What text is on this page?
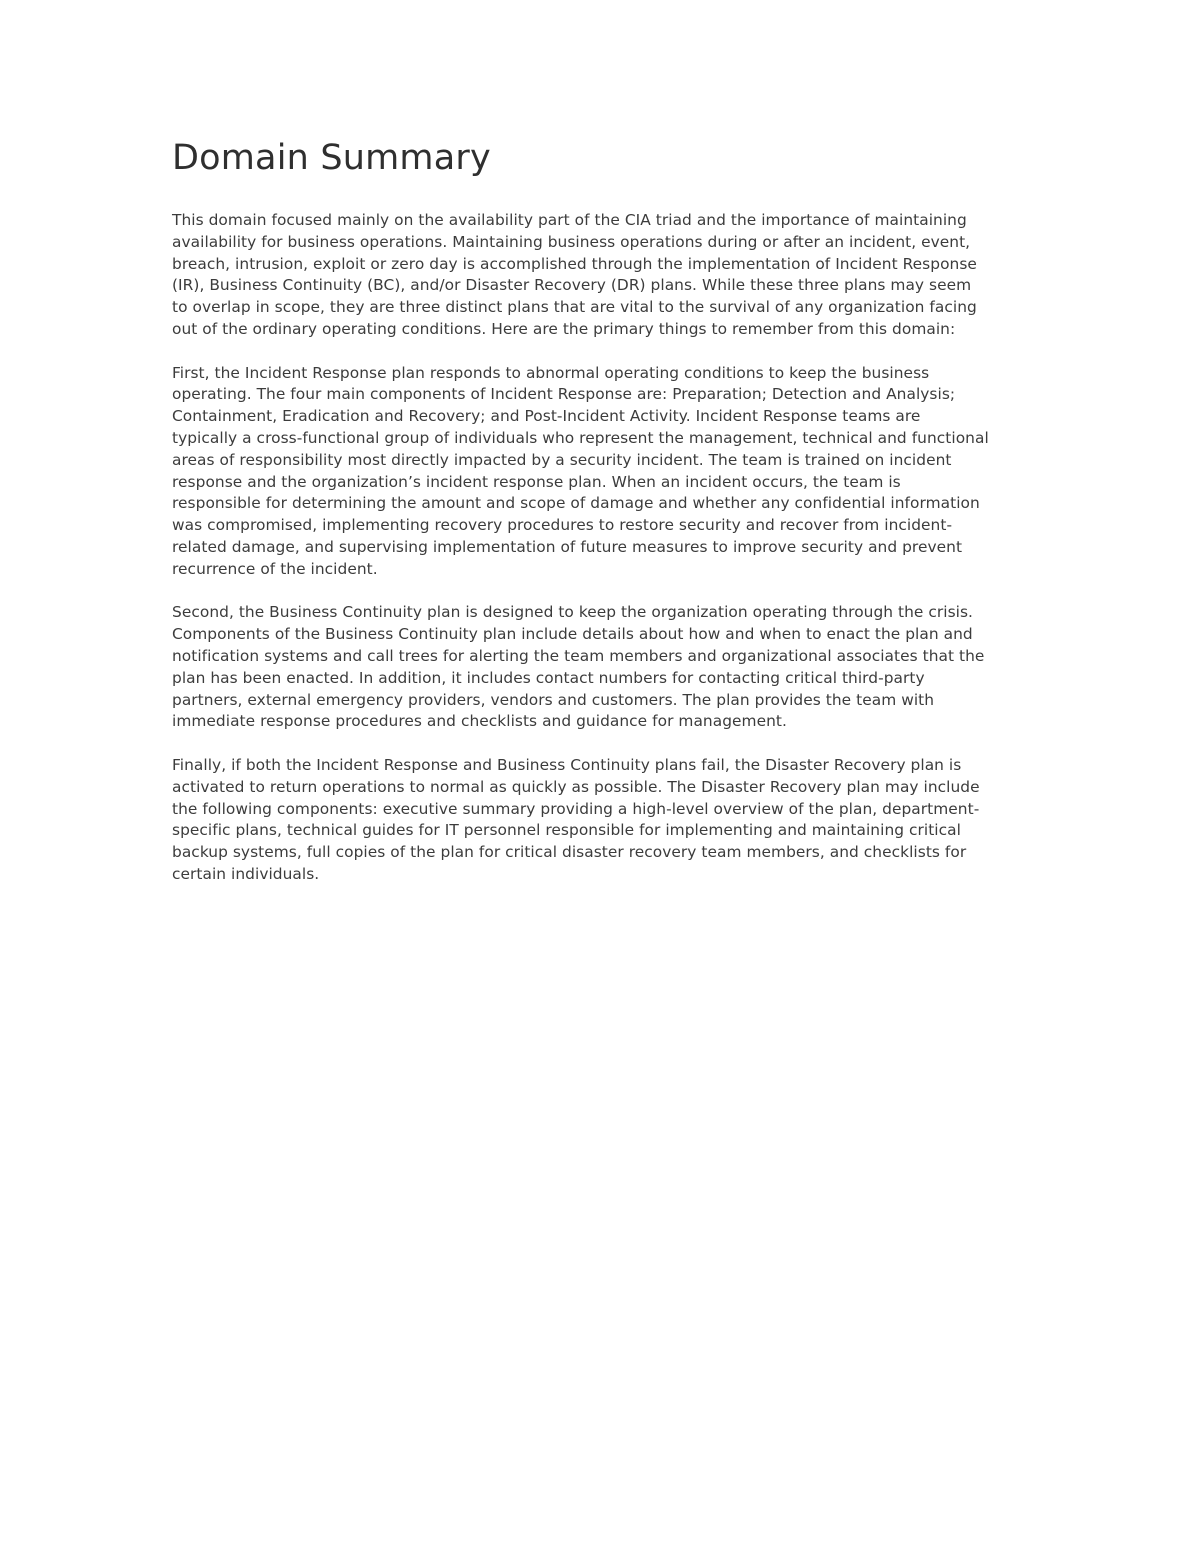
Domain Summary

This domain focused mainly on the availability part of the CIA triad and the importance of maintaining availability for business operations. Maintaining business operations during or after an incident, event, breach, intrusion, exploit or zero day is accomplished through the implementation of Incident Response (IR), Business Continuity (BC), and/or Disaster Recovery (DR) plans. While these three plans may seem to overlap in scope, they are three distinct plans that are vital to the survival of any organization facing out of the ordinary operating conditions. Here are the primary things to remember from this domain:

First, the Incident Response plan responds to abnormal operating conditions to keep the business operating. The four main components of Incident Response are: Preparation; Detection and Analysis; Containment, Eradication and Recovery; and Post-Incident Activity. Incident Response teams are typically a cross-functional group of individuals who represent the management, technical and functional areas of responsibility most directly impacted by a security incident. The team is trained on incident response and the organization’s incident response plan. When an incident occurs, the team is responsible for determining the amount and scope of damage and whether any confidential information was compromised, implementing recovery procedures to restore security and recover from incident-related damage, and supervising implementation of future measures to improve security and prevent recurrence of the incident.

Second, the Business Continuity plan is designed to keep the organization operating through the crisis. Components of the Business Continuity plan include details about how and when to enact the plan and notification systems and call trees for alerting the team members and organizational associates that the plan has been enacted. In addition, it includes contact numbers for contacting critical third-party partners, external emergency providers, vendors and customers. The plan provides the team with immediate response procedures and checklists and guidance for management.

Finally, if both the Incident Response and Business Continuity plans fail, the Disaster Recovery plan is activated to return operations to normal as quickly as possible. The Disaster Recovery plan may include the following components: executive summary providing a high-level overview of the plan, department-specific plans, technical guides for IT personnel responsible for implementing and maintaining critical backup systems, full copies of the plan for critical disaster recovery team members, and checklists for certain individuals.
